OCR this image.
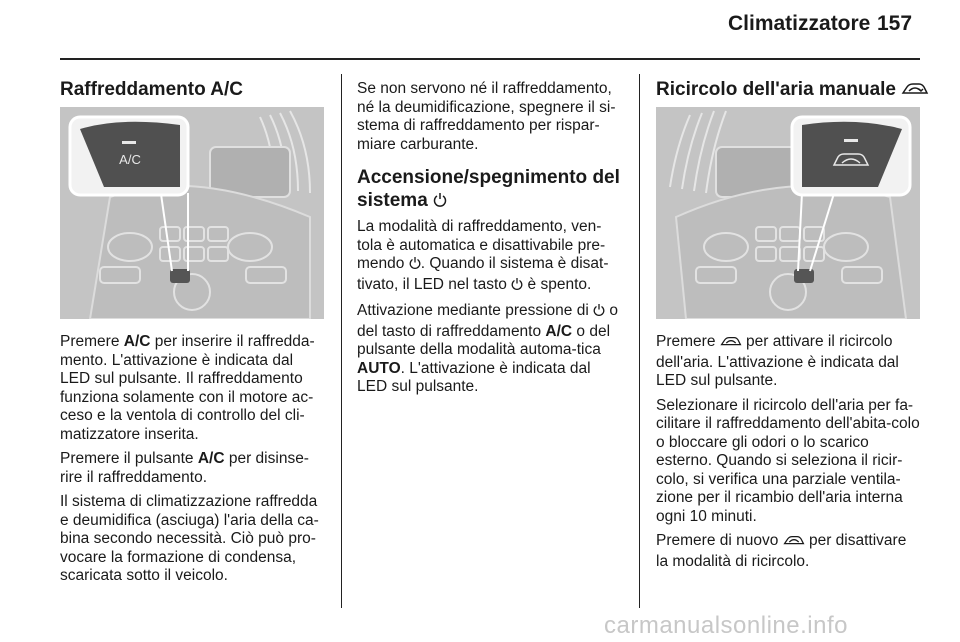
Climatizzatore 157
Raffreddamento A/C
A/C

Premere A/C per inserire il raffredda-mento. L'attivazione è indicata dal LED sul pulsante. Il raffreddamento funziona solamente con il motore ac-ceso e la ventola di controllo del cli-matizzatore inserita.

Premere il pulsante A/C per disinse-rire il raffreddamento.

Il sistema di climatizzazione raffredda e deumidifica (asciuga) l'aria della ca-bina secondo necessità. Ciò può pro-vocare la formazione di condensa, scaricata sotto il veicolo.

Se non servono né il raffreddamento, né la deumidificazione, spegnere il si-stema di raffreddamento per rispar-miare carburante.

Accensione/spegnimento del sistema

La modalità di raffreddamento, ven-tola è automatica e disattivabile pre-mendo . Quando il sistema è disat-tivato, il LED nel tasto  è spento.

Attivazione mediante pressione di  o del tasto di raffreddamento A/C o del pulsante della modalità automa-tica AUTO. L'attivazione è indicata dal LED sul pulsante.

Ricircolo dell'aria manuale

Premere  per attivare il ricircolo dell'aria. L'attivazione è indicata dal LED sul pulsante.

Selezionare il ricircolo dell'aria per fa-cilitare il raffreddamento dell'abita-colo o bloccare gli odori o lo scarico esterno. Quando si seleziona il ricir-colo, si verifica una parziale ventila-zione per il ricambio dell'aria interna ogni 10 minuti.

Premere di nuovo  per disattivare la modalità di ricircolo.

carmanualsonline.info
